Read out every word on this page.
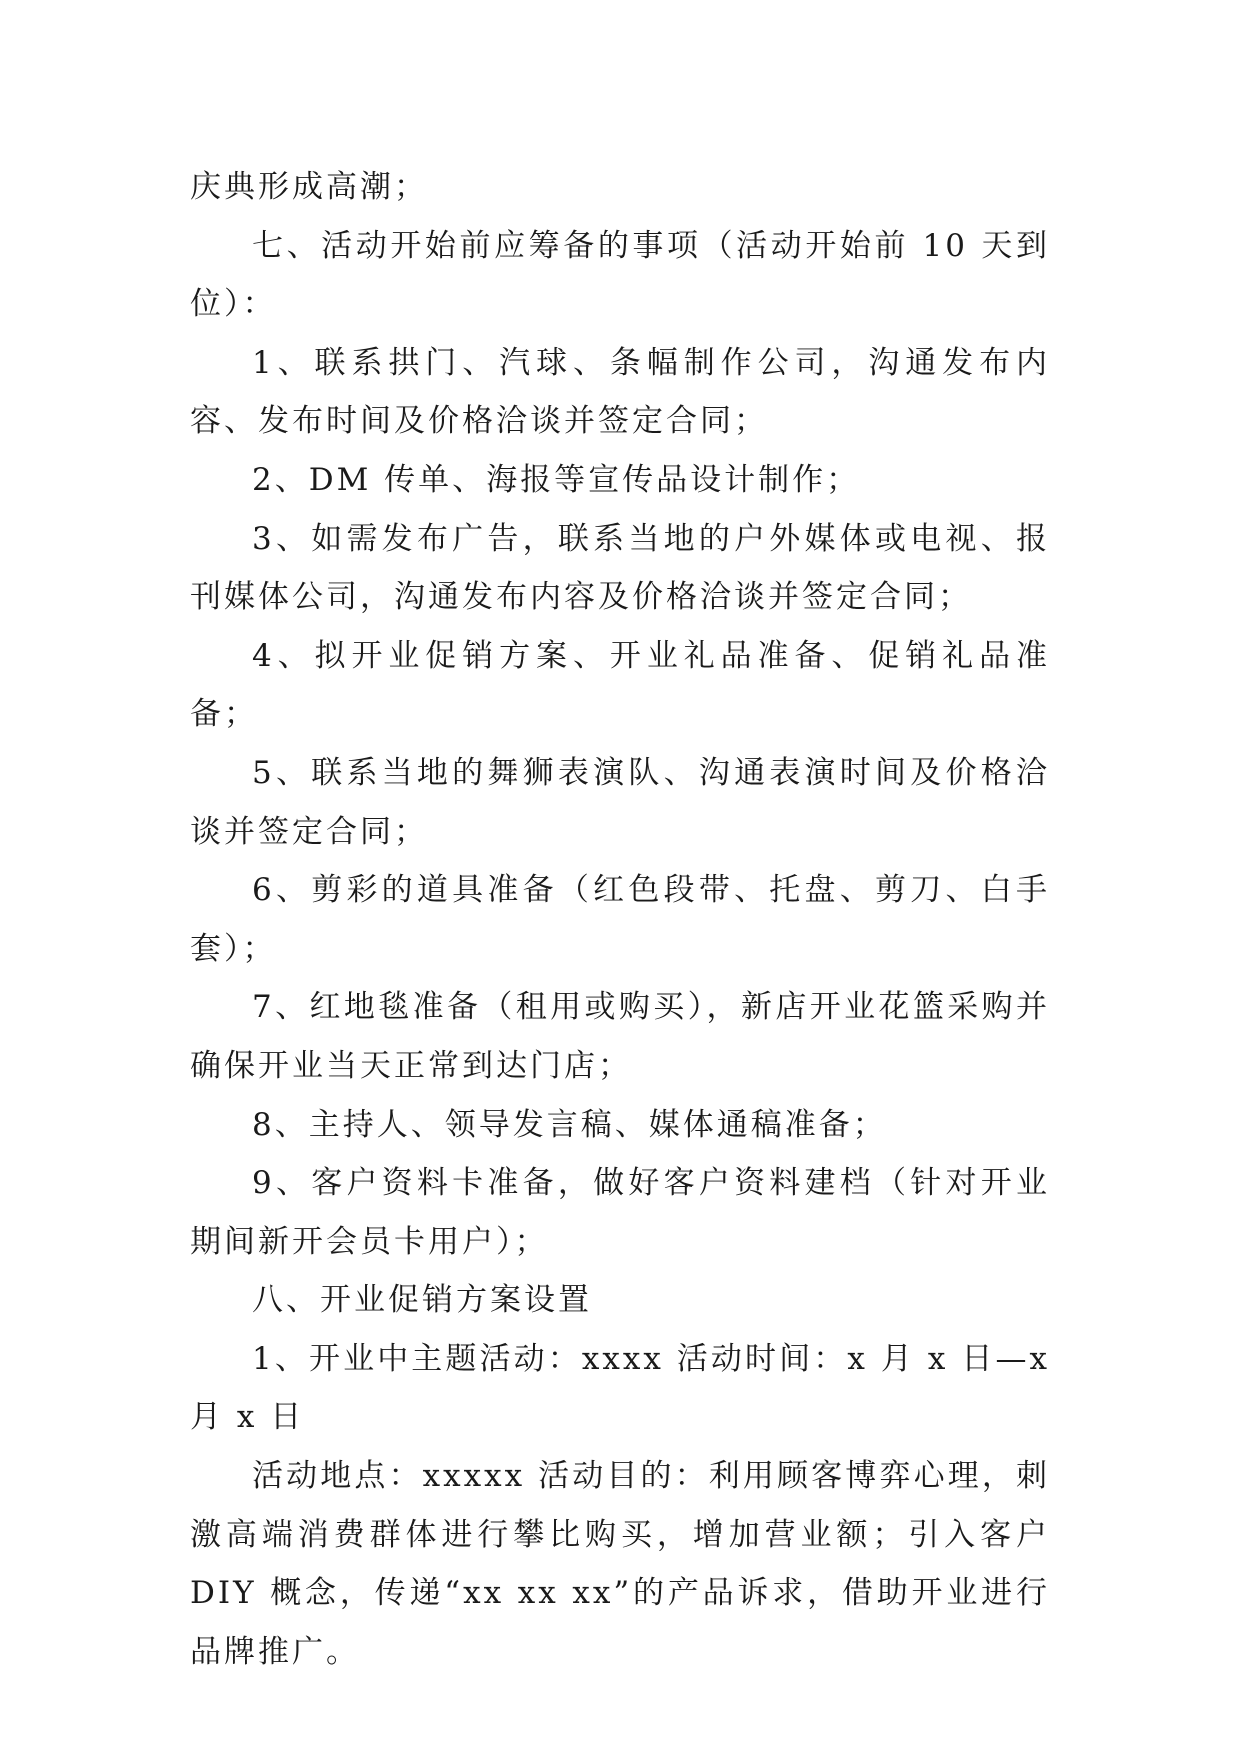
庆典形成高潮；

七、活动开始前应筹备的事项（活动开始前 10 天到位）：

1、联系拱门、汽球、条幅制作公司，沟通发布内容、发布时间及价格洽谈并签定合同；

2、DM 传单、海报等宣传品设计制作；

3、如需发布广告，联系当地的户外媒体或电视、报刊媒体公司，沟通发布内容及价格洽谈并签定合同；

4、拟开业促销方案、开业礼品准备、促销礼品准备；

5、联系当地的舞狮表演队、沟通表演时间及价格洽谈并签定合同；

6、剪彩的道具准备（红色段带、托盘、剪刀、白手套）；

7、红地毯准备（租用或购买），新店开业花篮采购并确保开业当天正常到达门店；

8、主持人、领导发言稿、媒体通稿准备；

9、客户资料卡准备，做好客户资料建档（针对开业期间新开会员卡用户）；

八、开业促销方案设置

1、开业中主题活动：xxxx 活动时间：x 月 x 日—x 月 x 日

活动地点：xxxxx 活动目的：利用顾客博弈心理，刺激高端消费群体进行攀比购买，增加营业额；引入客户 DIY 概念，传递“xx xx xx”的产品诉求，借助开业进行品牌推广。
